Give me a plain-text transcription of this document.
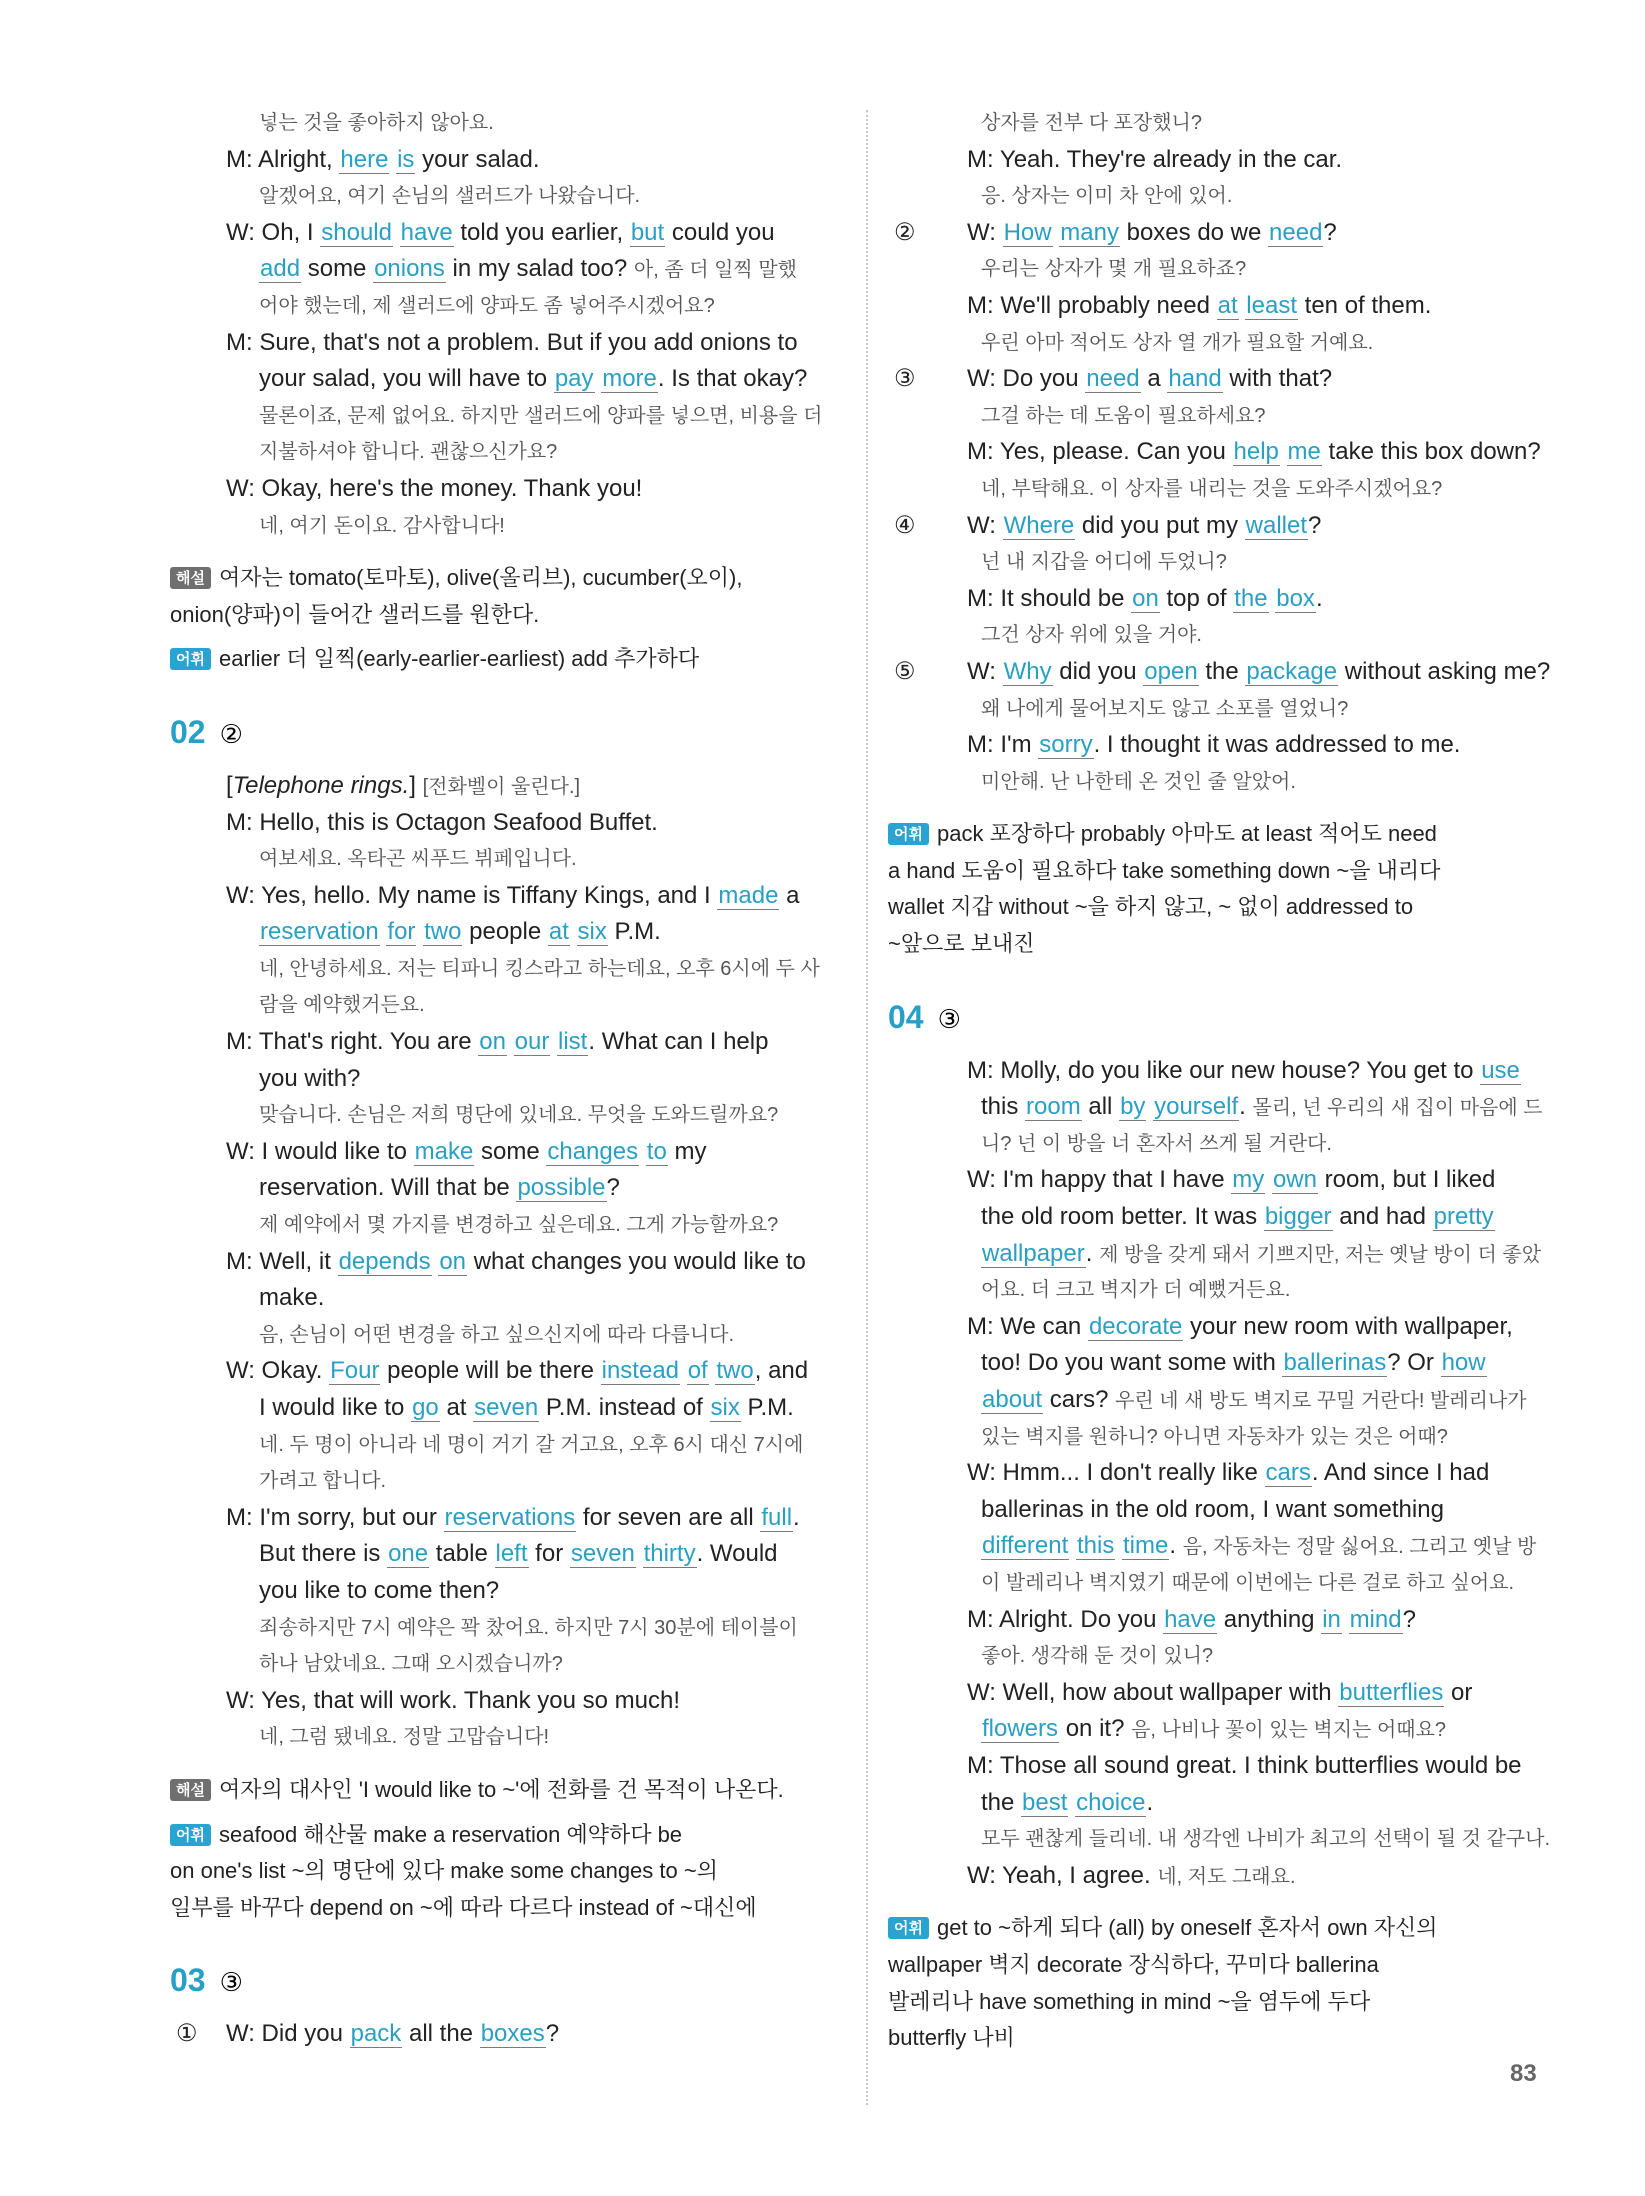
넣는 것을 좋아하지 않아요.
M: Alright, here is your salad.
알겠어요, 여기 손님의 샐러드가 나왔습니다.
W: Oh, I should have told you earlier, but could you
add some onions in my salad too? 아, 좀 더 일찍 말했
어야 했는데, 제 샐러드에 양파도 좀 넣어주시겠어요?
M: Sure, that's not a problem. But if you add onions to
your salad, you will have to pay more. Is that okay?
물론이죠, 문제 없어요. 하지만 샐러드에 양파를 넣으면, 비용을 더
지불하셔야 합니다. 괜찮으신가요?
W: Okay, here's the money. Thank you!
네, 여기 돈이요. 감사합니다!
해설 여자는 tomato(토마토), olive(올리브), cucumber(오이),
onion(양파)이 들어간 샐러드를 원한다.
어휘 earlier 더 일찍(early-earlier-earliest) add 추가하다
02 ②
[Telephone rings.] [전화벨이 울린다.]
M: Hello, this is Octagon Seafood Buffet.
여보세요. 옥타곤 씨푸드 뷔페입니다.
W: Yes, hello. My name is Tiffany Kings, and I made a
reservation for two people at six P.M.
네, 안녕하세요. 저는 티파니 킹스라고 하는데요, 오후 6시에 두 사
람을 예약했거든요.
M: That's right. You are on our list. What can I help
you with?
맞습니다. 손님은 저희 명단에 있네요. 무엇을 도와드릴까요?
W: I would like to make some changes to my
reservation. Will that be possible?
제 예약에서 몇 가지를 변경하고 싶은데요. 그게 가능할까요?
M: Well, it depends on what changes you would like to
make.
음, 손님이 어떤 변경을 하고 싶으신지에 따라 다릅니다.
W: Okay. Four people will be there instead of two, and
I would like to go at seven P.M. instead of six P.M.
네. 두 명이 아니라 네 명이 거기 갈 거고요, 오후 6시 대신 7시에
가려고 합니다.
M: I'm sorry, but our reservations for seven are all full.
But there is one table left for seven thirty. Would
you like to come then?
죄송하지만 7시 예약은 꽉 찼어요. 하지만 7시 30분에 테이블이
하나 남았네요. 그때 오시겠습니까?
W: Yes, that will work. Thank you so much!
네, 그럼 됐네요. 정말 고맙습니다!
해설 여자의 대사인 'I would like to ~'에 전화를 건 목적이 나온다.
어휘 seafood 해산물 make a reservation 예약하다 be
on one's list ~의 명단에 있다 make some changes to ~의
일부를 바꾸다 depend on ~에 따라 다르다 instead of ~대신에
03 ③
① W: Did you pack all the boxes?
상자를 전부 다 포장했니?
M: Yeah. They're already in the car.
응. 상자는 이미 차 안에 있어.
② W: How many boxes do we need?
우리는 상자가 몇 개 필요하죠?
M: We'll probably need at least ten of them.
우린 아마 적어도 상자 열 개가 필요할 거예요.
③ W: Do you need a hand with that?
그걸 하는 데 도움이 필요하세요?
M: Yes, please. Can you help me take this box down?
네, 부탁해요. 이 상자를 내리는 것을 도와주시겠어요?
④ W: Where did you put my wallet?
넌 내 지갑을 어디에 두었니?
M: It should be on top of the box.
그건 상자 위에 있을 거야.
⑤ W: Why did you open the package without asking me?
왜 나에게 물어보지도 않고 소포를 열었니?
M: I'm sorry. I thought it was addressed to me.
미안해. 난 나한테 온 것인 줄 알았어.
어휘 pack 포장하다 probably 아마도 at least 적어도 need
a hand 도움이 필요하다 take something down ~을 내리다
wallet 지갑 without ~을 하지 않고, ~ 없이 addressed to
~앞으로 보내진
04 ③
M: Molly, do you like our new house? You get to use
this room all by yourself. 몰리, 넌 우리의 새 집이 마음에 드
니? 넌 이 방을 너 혼자서 쓰게 될 거란다.
W: I'm happy that I have my own room, but I liked
the old room better. It was bigger and had pretty
wallpaper. 제 방을 갖게 돼서 기쁘지만, 저는 옛날 방이 더 좋았
어요. 더 크고 벽지가 더 예뻤거든요.
M: We can decorate your new room with wallpaper,
too! Do you want some with ballerinas? Or how
about cars? 우린 네 새 방도 벽지로 꾸밀 거란다! 발레리나가
있는 벽지를 원하니? 아니면 자동차가 있는 것은 어때?
W: Hmm... I don't really like cars. And since I had
ballerinas in the old room, I want something
different this time. 음, 자동차는 정말 싫어요. 그리고 옛날 방
이 발레리나 벽지였기 때문에 이번에는 다른 걸로 하고 싶어요.
M: Alright. Do you have anything in mind?
좋아. 생각해 둔 것이 있니?
W: Well, how about wallpaper with butterflies or
flowers on it? 음, 나비나 꽃이 있는 벽지는 어때요?
M: Those all sound great. I think butterflies would be
the best choice.
모두 괜찮게 들리네. 내 생각엔 나비가 최고의 선택이 될 것 같구나.
W: Yeah, I agree. 네, 저도 그래요.
어휘 get to ~하게 되다 (all) by oneself 혼자서 own 자신의
wallpaper 벽지 decorate 장식하다, 꾸미다 ballerina
발레리나 have something in mind ~을 염두에 두다
butterfly 나비
83
